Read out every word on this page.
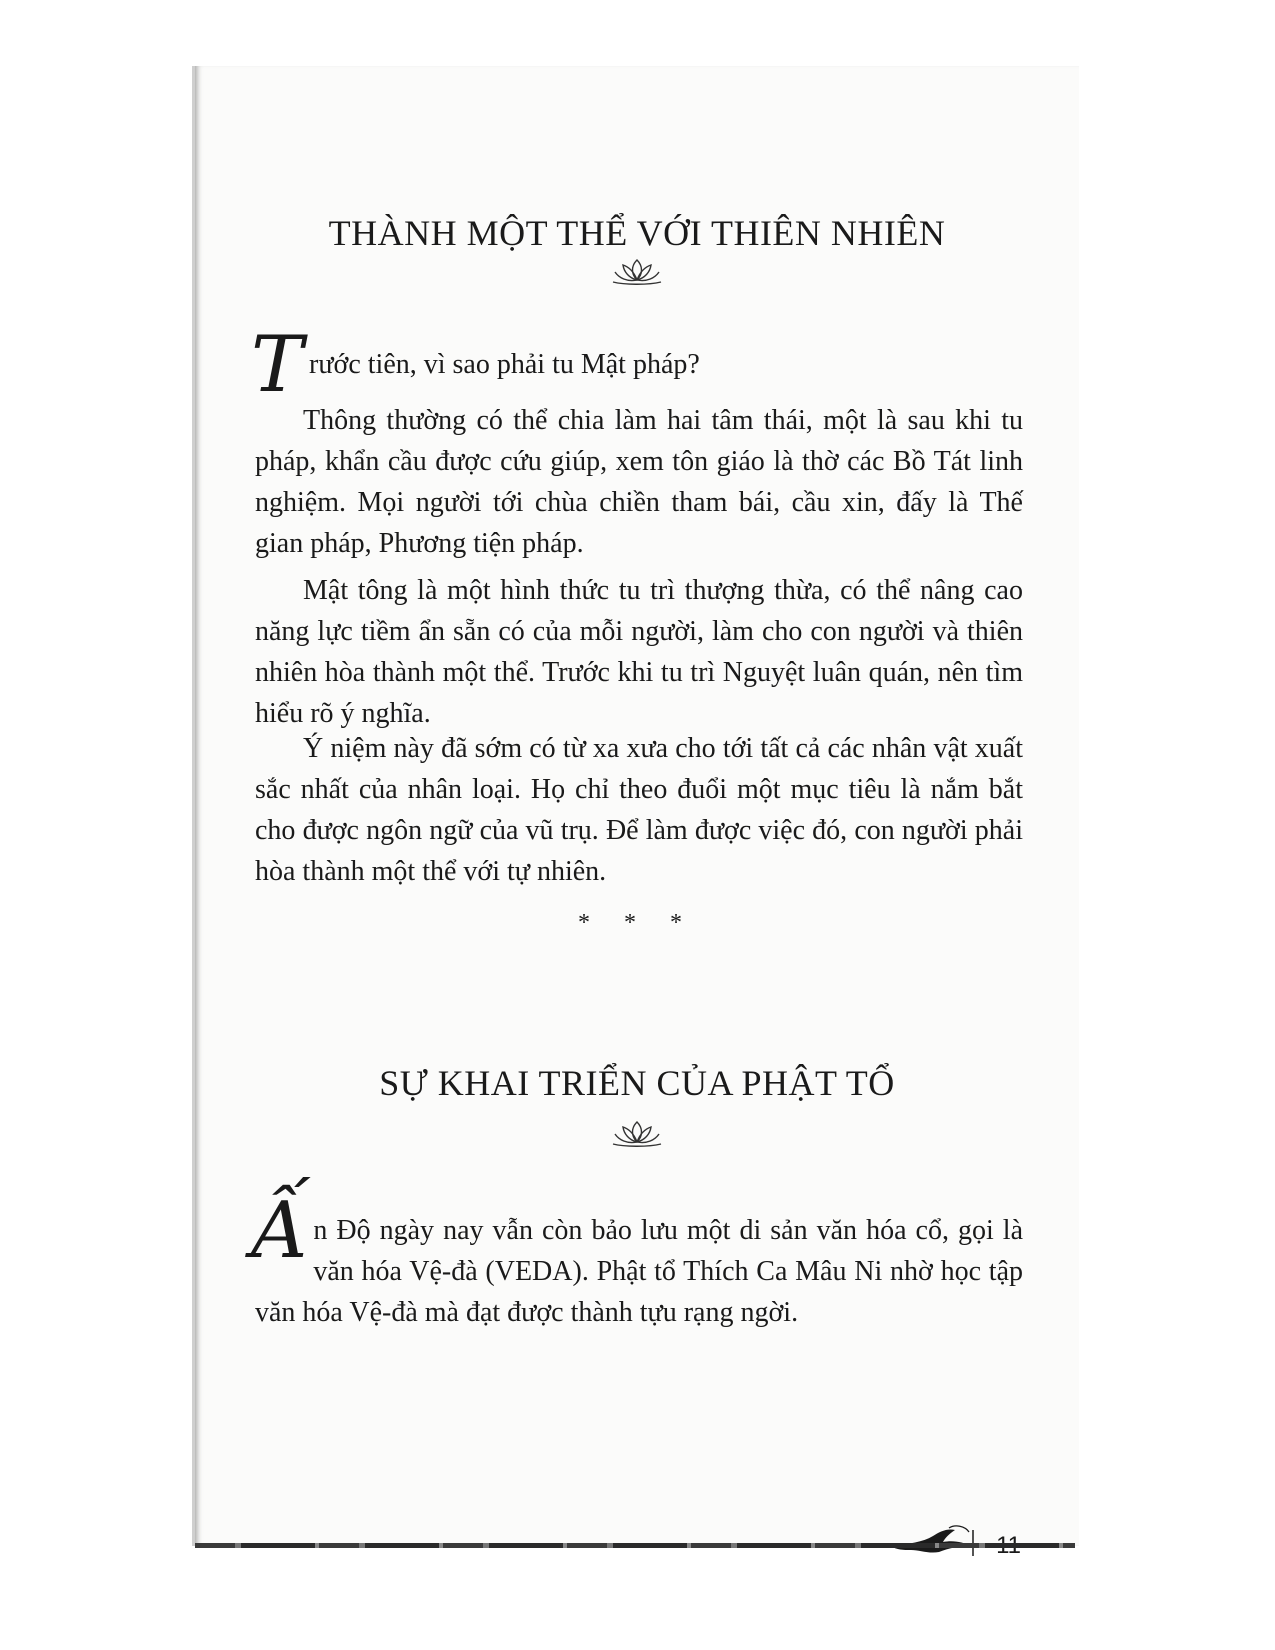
THÀNH MỘT THỂ VỚI THIÊN NHIÊN

Trước tiên, vì sao phải tu Mật pháp?

Thông thường có thể chia làm hai tâm thái, một là sau khi tu pháp, khẩn cầu được cứu giúp, xem tôn giáo là thờ các Bồ Tát linh nghiệm. Mọi người tới chùa chiền tham bái, cầu xin, đấy là Thế gian pháp, Phương tiện pháp.

Mật tông là một hình thức tu trì thượng thừa, có thể nâng cao năng lực tiềm ẩn sẵn có của mỗi người, làm cho con người và thiên nhiên hòa thành một thể. Trước khi tu trì Nguyệt luân quán, nên tìm hiểu rõ ý nghĩa.

Ý niệm này đã sớm có từ xa xưa cho tới tất cả các nhân vật xuất sắc nhất của nhân loại. Họ chỉ theo đuổi một mục tiêu là nắm bắt cho được ngôn ngữ của vũ trụ. Để làm được việc đó, con người phải hòa thành một thể với tự nhiên.

* * *
SỰ KHAI TRIỂN CỦA PHẬT TỔ

Ấn Độ ngày nay vẫn còn bảo lưu một di sản văn hóa cổ, gọi là văn hóa Vệ-đà (VEDA). Phật tổ Thích Ca Mâu Ni nhờ học tập văn hóa Vệ-đà mà đạt được thành tựu rạng ngời.
